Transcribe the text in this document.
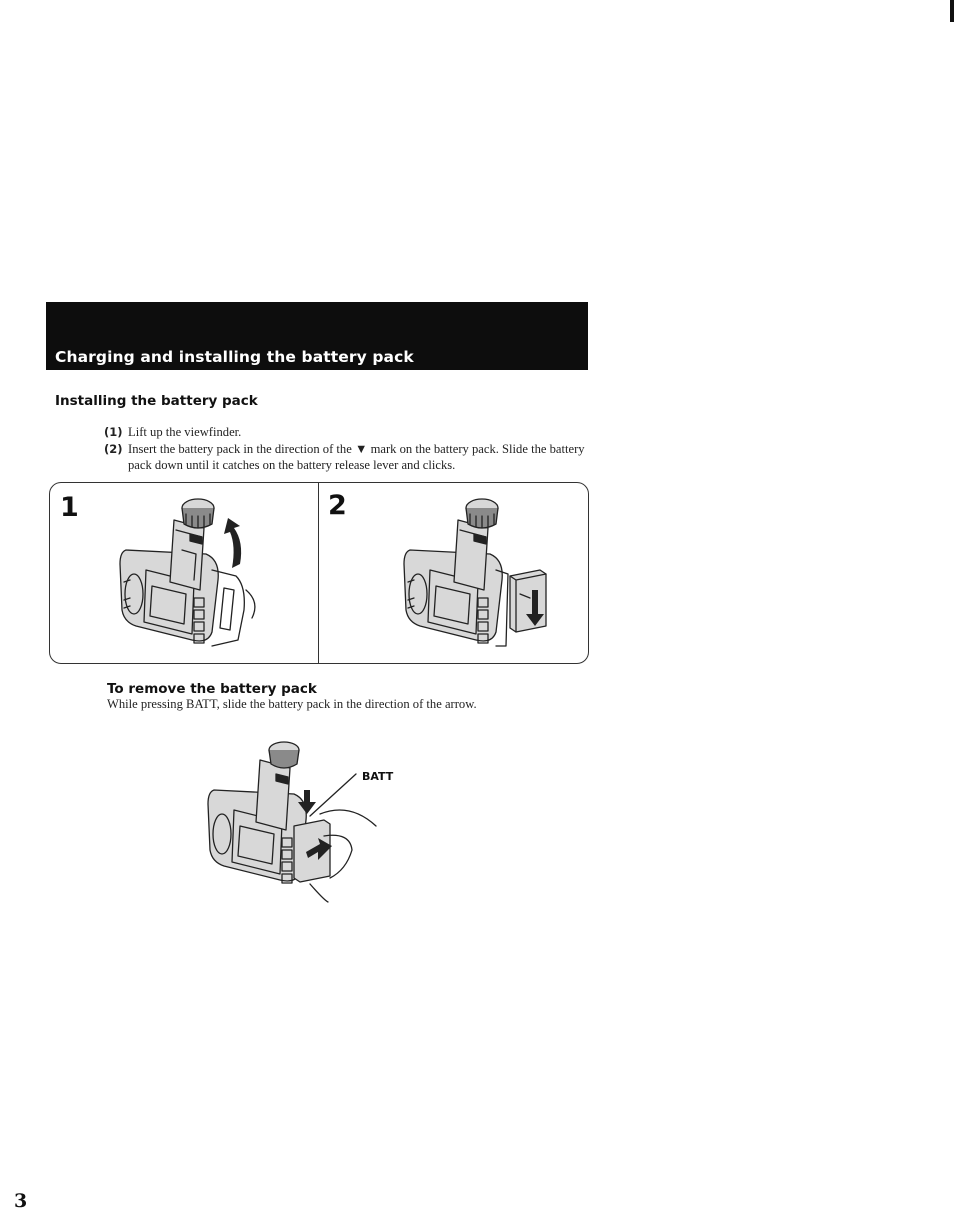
Charging and installing the battery pack
Installing the battery pack
(1) Lift up the viewfinder.
(2) Insert the battery pack in the direction of the ▼ mark on the battery pack. Slide the battery pack down until it catches on the battery release lever and clicks.
1	2
To remove the battery pack
While pressing BATT, slide the battery pack in the direction of the arrow.
BATT
3
